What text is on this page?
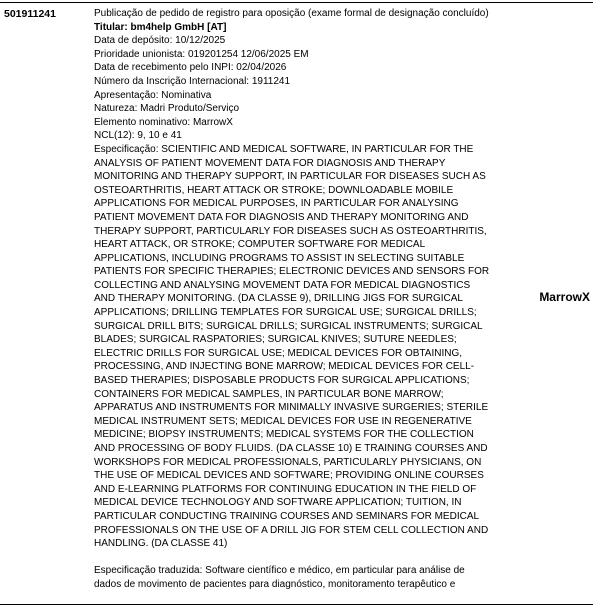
501911241	Publicação de pedido de registro para oposição (exame formal de designação concluído)
Titular: bm4help GmbH [AT]
Data de depósito: 10/12/2025
Prioridade unionista: 019201254 12/06/2025 EM
Data de recebimento pelo INPI: 02/04/2026
Número da Inscrição Internacional: 1911241
Apresentação: Nominativa
Natureza: Madri Produto/Serviço
Elemento nominativo: MarrowX
NCL(12): 9, 10 e 41
Especificação: SCIENTIFIC AND MEDICAL SOFTWARE, IN PARTICULAR FOR THE
ANALYSIS OF PATIENT MOVEMENT DATA FOR DIAGNOSIS AND THERAPY
MONITORING AND THERAPY SUPPORT, IN PARTICULAR FOR DISEASES SUCH AS
OSTEOARTHRITIS, HEART ATTACK OR STROKE; DOWNLOADABLE MOBILE
APPLICATIONS FOR MEDICAL PURPOSES, IN PARTICULAR FOR ANALYSING
PATIENT MOVEMENT DATA FOR DIAGNOSIS AND THERAPY MONITORING AND
THERAPY SUPPORT, PARTICULARLY FOR DISEASES SUCH AS OSTEOARTHRITIS,
HEART ATTACK, OR STROKE; COMPUTER SOFTWARE FOR MEDICAL
APPLICATIONS, INCLUDING PROGRAMS TO ASSIST IN SELECTING SUITABLE
PATIENTS FOR SPECIFIC THERAPIES; ELECTRONIC DEVICES AND SENSORS FOR
COLLECTING AND ANALYSING MOVEMENT DATA FOR MEDICAL DIAGNOSTICS
AND THERAPY MONITORING. (DA CLASSE 9), DRILLING JIGS FOR SURGICAL
APPLICATIONS; DRILLING TEMPLATES FOR SURGICAL USE; SURGICAL DRILLS;
SURGICAL DRILL BITS; SURGICAL DRILLS; SURGICAL INSTRUMENTS; SURGICAL
BLADES; SURGICAL RASPATORIES; SURGICAL KNIVES; SUTURE NEEDLES;
ELECTRIC DRILLS FOR SURGICAL USE; MEDICAL DEVICES FOR OBTAINING,
PROCESSING, AND INJECTING BONE MARROW; MEDICAL DEVICES FOR CELL-
BASED THERAPIES; DISPOSABLE PRODUCTS FOR SURGICAL APPLICATIONS;
CONTAINERS FOR MEDICAL SAMPLES, IN PARTICULAR BONE MARROW;
APPARATUS AND INSTRUMENTS FOR MINIMALLY INVASIVE SURGERIES; STERILE
MEDICAL INSTRUMENT SETS; MEDICAL DEVICES FOR USE IN REGENERATIVE
MEDICINE; BIOPSY INSTRUMENTS; MEDICAL SYSTEMS FOR THE COLLECTION
AND PROCESSING OF BODY FLUIDS. (DA CLASSE 10) E TRAINING COURSES AND
WORKSHOPS FOR MEDICAL PROFESSIONALS, PARTICULARLY PHYSICIANS, ON
THE USE OF MEDICAL DEVICES AND SOFTWARE; PROVIDING ONLINE COURSES
AND E-LEARNING PLATFORMS FOR CONTINUING EDUCATION IN THE FIELD OF
MEDICAL DEVICE TECHNOLOGY AND SOFTWARE APPLICATION; TUITION, IN
PARTICULAR CONDUCTING TRAINING COURSES AND SEMINARS FOR MEDICAL
PROFESSIONALS ON THE USE OF A DRILL JIG FOR STEM CELL COLLECTION AND
HANDLING. (DA CLASSE 41)
Especificação traduzida: Software científico e médico, em particular para análise de
dados de movimento de pacientes para diagnóstico, monitoramento terapêutico e
MarrowX
